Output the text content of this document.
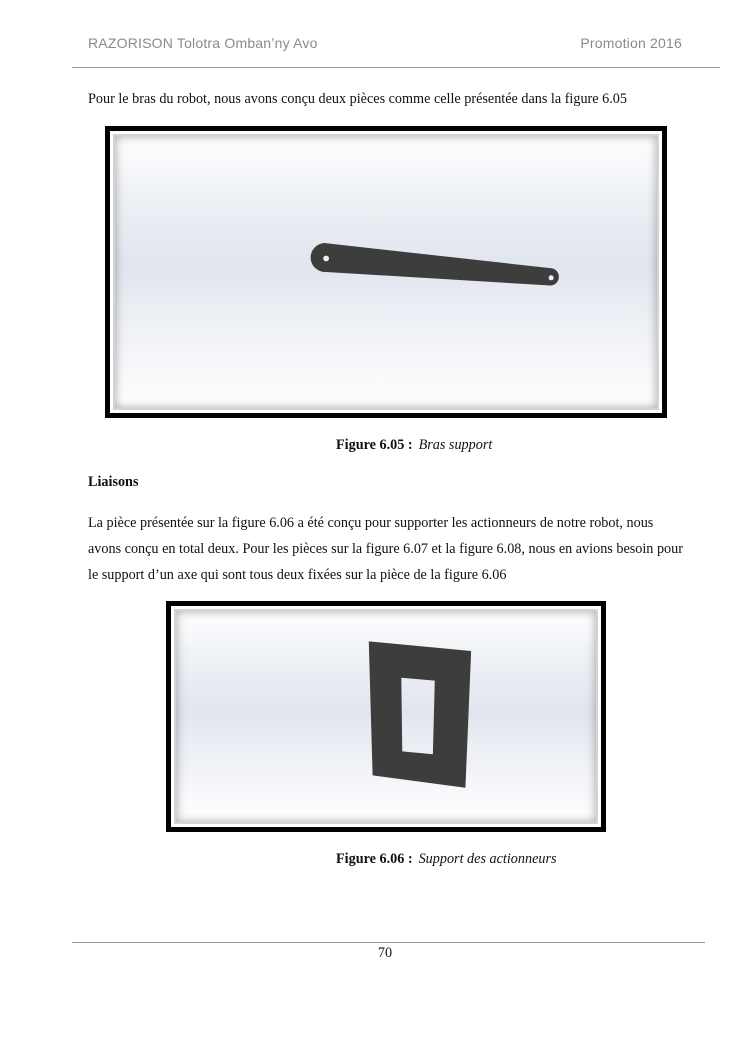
RAZORISON Tolotra Omban’ny Avo	Promotion 2016

Pour le bras du robot, nous avons conçu deux pièces comme celle présentée dans la figure 6.05

Figure 6.05 : Bras support
Liaisons

La pièce présentée sur la figure 6.06 a été conçu pour supporter les actionneurs de notre robot, nous avons conçu en total deux. Pour les pièces sur la figure 6.07 et la figure 6.08, nous en avions besoin pour le support d’un axe qui sont tous deux fixées sur la pièce de la figure 6.06

Figure 6.06 : Support des actionneurs
70
